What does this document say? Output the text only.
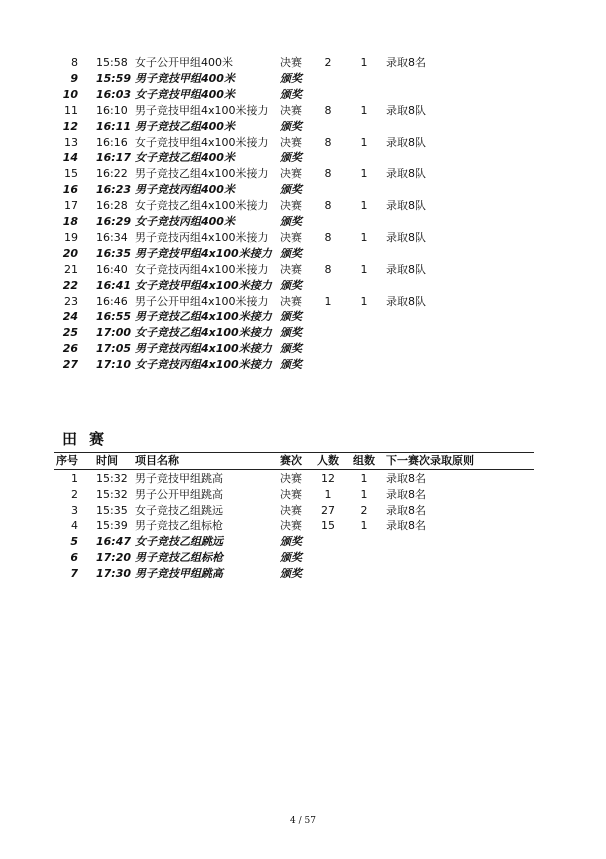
8 15:58 女子公开甲组400米	决赛	2	1	录取8名
9 15:59 男子竞技甲组400米	颁奖
10 16:03 女子竞技甲组400米	颁奖
11 16:10 男子竞技甲组4x100米接力 决赛	8	1	录取8队
12 16:11 男子竞技乙组400米	颁奖
13 16:16 女子竞技甲组4x100米接力 决赛	8	1	录取8队
14 16:17 女子竞技乙组400米	颁奖
15 16:22 男子竞技乙组4x100米接力 决赛	8	1	录取8队
16 16:23 男子竞技丙组400米	颁奖
17 16:28 女子竞技乙组4x100米接力 决赛	8	1	录取8队
18 16:29 女子竞技丙组400米	颁奖
19 16:34 男子竞技丙组4x100米接力 决赛	8	1	录取8队
20 16:35 男子竞技甲组4x100米接力 颁奖
21 16:40 女子竞技丙组4x100米接力 决赛	8	1	录取8队
22 16:41 女子竞技甲组4x100米接力 颁奖
23 16:46 男子公开甲组4x100米接力 决赛	1	1	录取8队
24 16:55 男子竞技乙组4x100米接力 颁奖
25 17:00 女子竞技乙组4x100米接力 颁奖
26 17:05 男子竞技丙组4x100米接力 颁奖
27 17:10 女子竞技丙组4x100米接力 颁奖
田赛
序号 时间 项目名称	赛次 人数 组数 下一赛次录取原则
1 15:32 男子竞技甲组跳高	决赛 12	1	录取8名
2 15:32 男子公开甲组跳高	决赛	1	1	录取8名
3 15:35 女子竞技乙组跳远	决赛 27	2	录取8名
4 15:39 男子竞技乙组标枪	决赛 15	1	录取8名
5 16:47 女子竞技乙组跳远	颁奖
6 17:20 男子竞技乙组标枪	颁奖
7 17:30 男子竞技甲组跳高	颁奖
4 / 57
